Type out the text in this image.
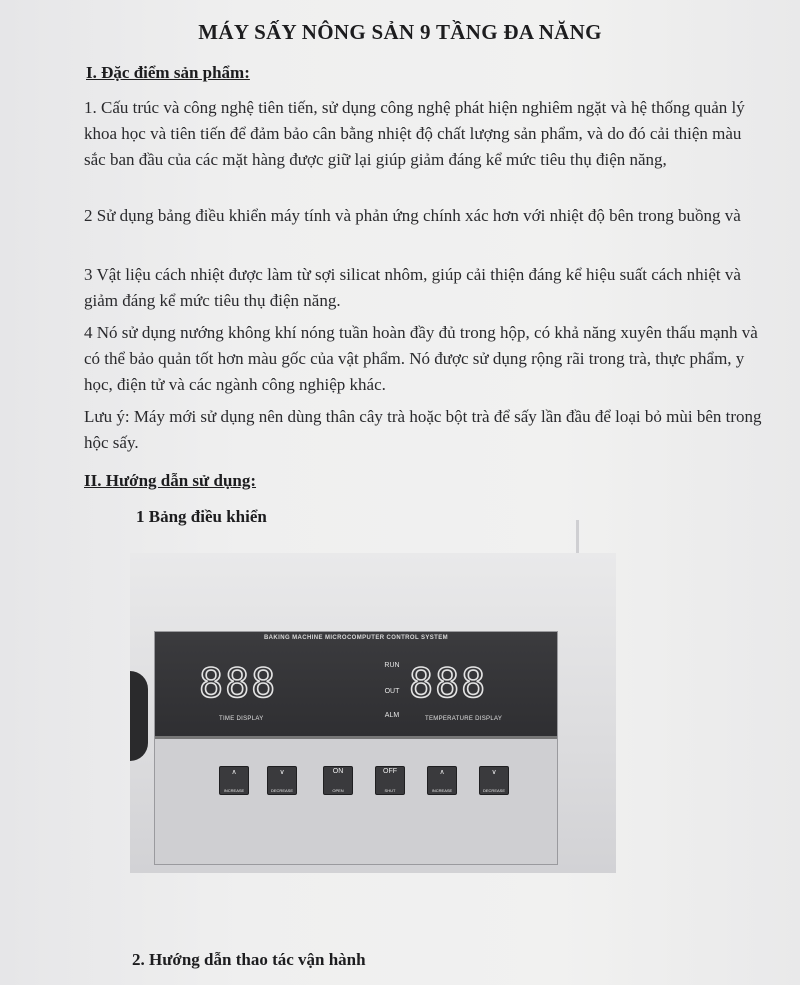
MÁY SẤY NÔNG SẢN 9 TẦNG ĐA NĂNG
I. Đặc điểm sản phẩm:
1. Cấu trúc và công nghệ tiên tiến, sử dụng công nghệ phát hiện nghiêm ngặt và hệ thống quản lý khoa học và tiên tiến để đảm bảo cân bằng nhiệt độ chất lượng sản phẩm, và do đó cải thiện màu sắc ban đầu của các mặt hàng được giữ lại giúp giảm đáng kể mức tiêu thụ điện năng,
2 Sử dụng bảng điều khiển máy tính và phản ứng chính xác hơn với nhiệt độ bên trong buồng và
3 Vật liệu cách nhiệt được làm từ sợi silicat nhôm, giúp cải thiện đáng kể hiệu suất cách nhiệt và giảm đáng kể mức tiêu thụ điện năng.
4 Nó sử dụng nướng không khí nóng tuần hoàn đầy đủ trong hộp, có khả năng xuyên thấu mạnh và có thể bảo quản tốt hơn màu gốc của vật phẩm. Nó được sử dụng rộng rãi trong trà, thực phẩm, y học, điện tử và các ngành công nghiệp khác.
Lưu ý: Máy mới sử dụng nên dùng thân cây trà hoặc bột trà để sấy lần đầu để loại bỏ mùi bên trong hộc sấy.
II. Hướng dẫn sử dụng:
1 Bảng điều khiển
BAKING MACHINE MICROCOMPUTER CONTROL SYSTEM
888
TIME DISPLAY
RUN
OUT
ALM
888
TEMPERATURE DISPLAY
∧
INCREASE
∨
DECREASE
ON
OPEN
OFF
SHUT
∧
INCREASE
∨
DECREASE
2. Hướng dẫn thao tác vận hành
